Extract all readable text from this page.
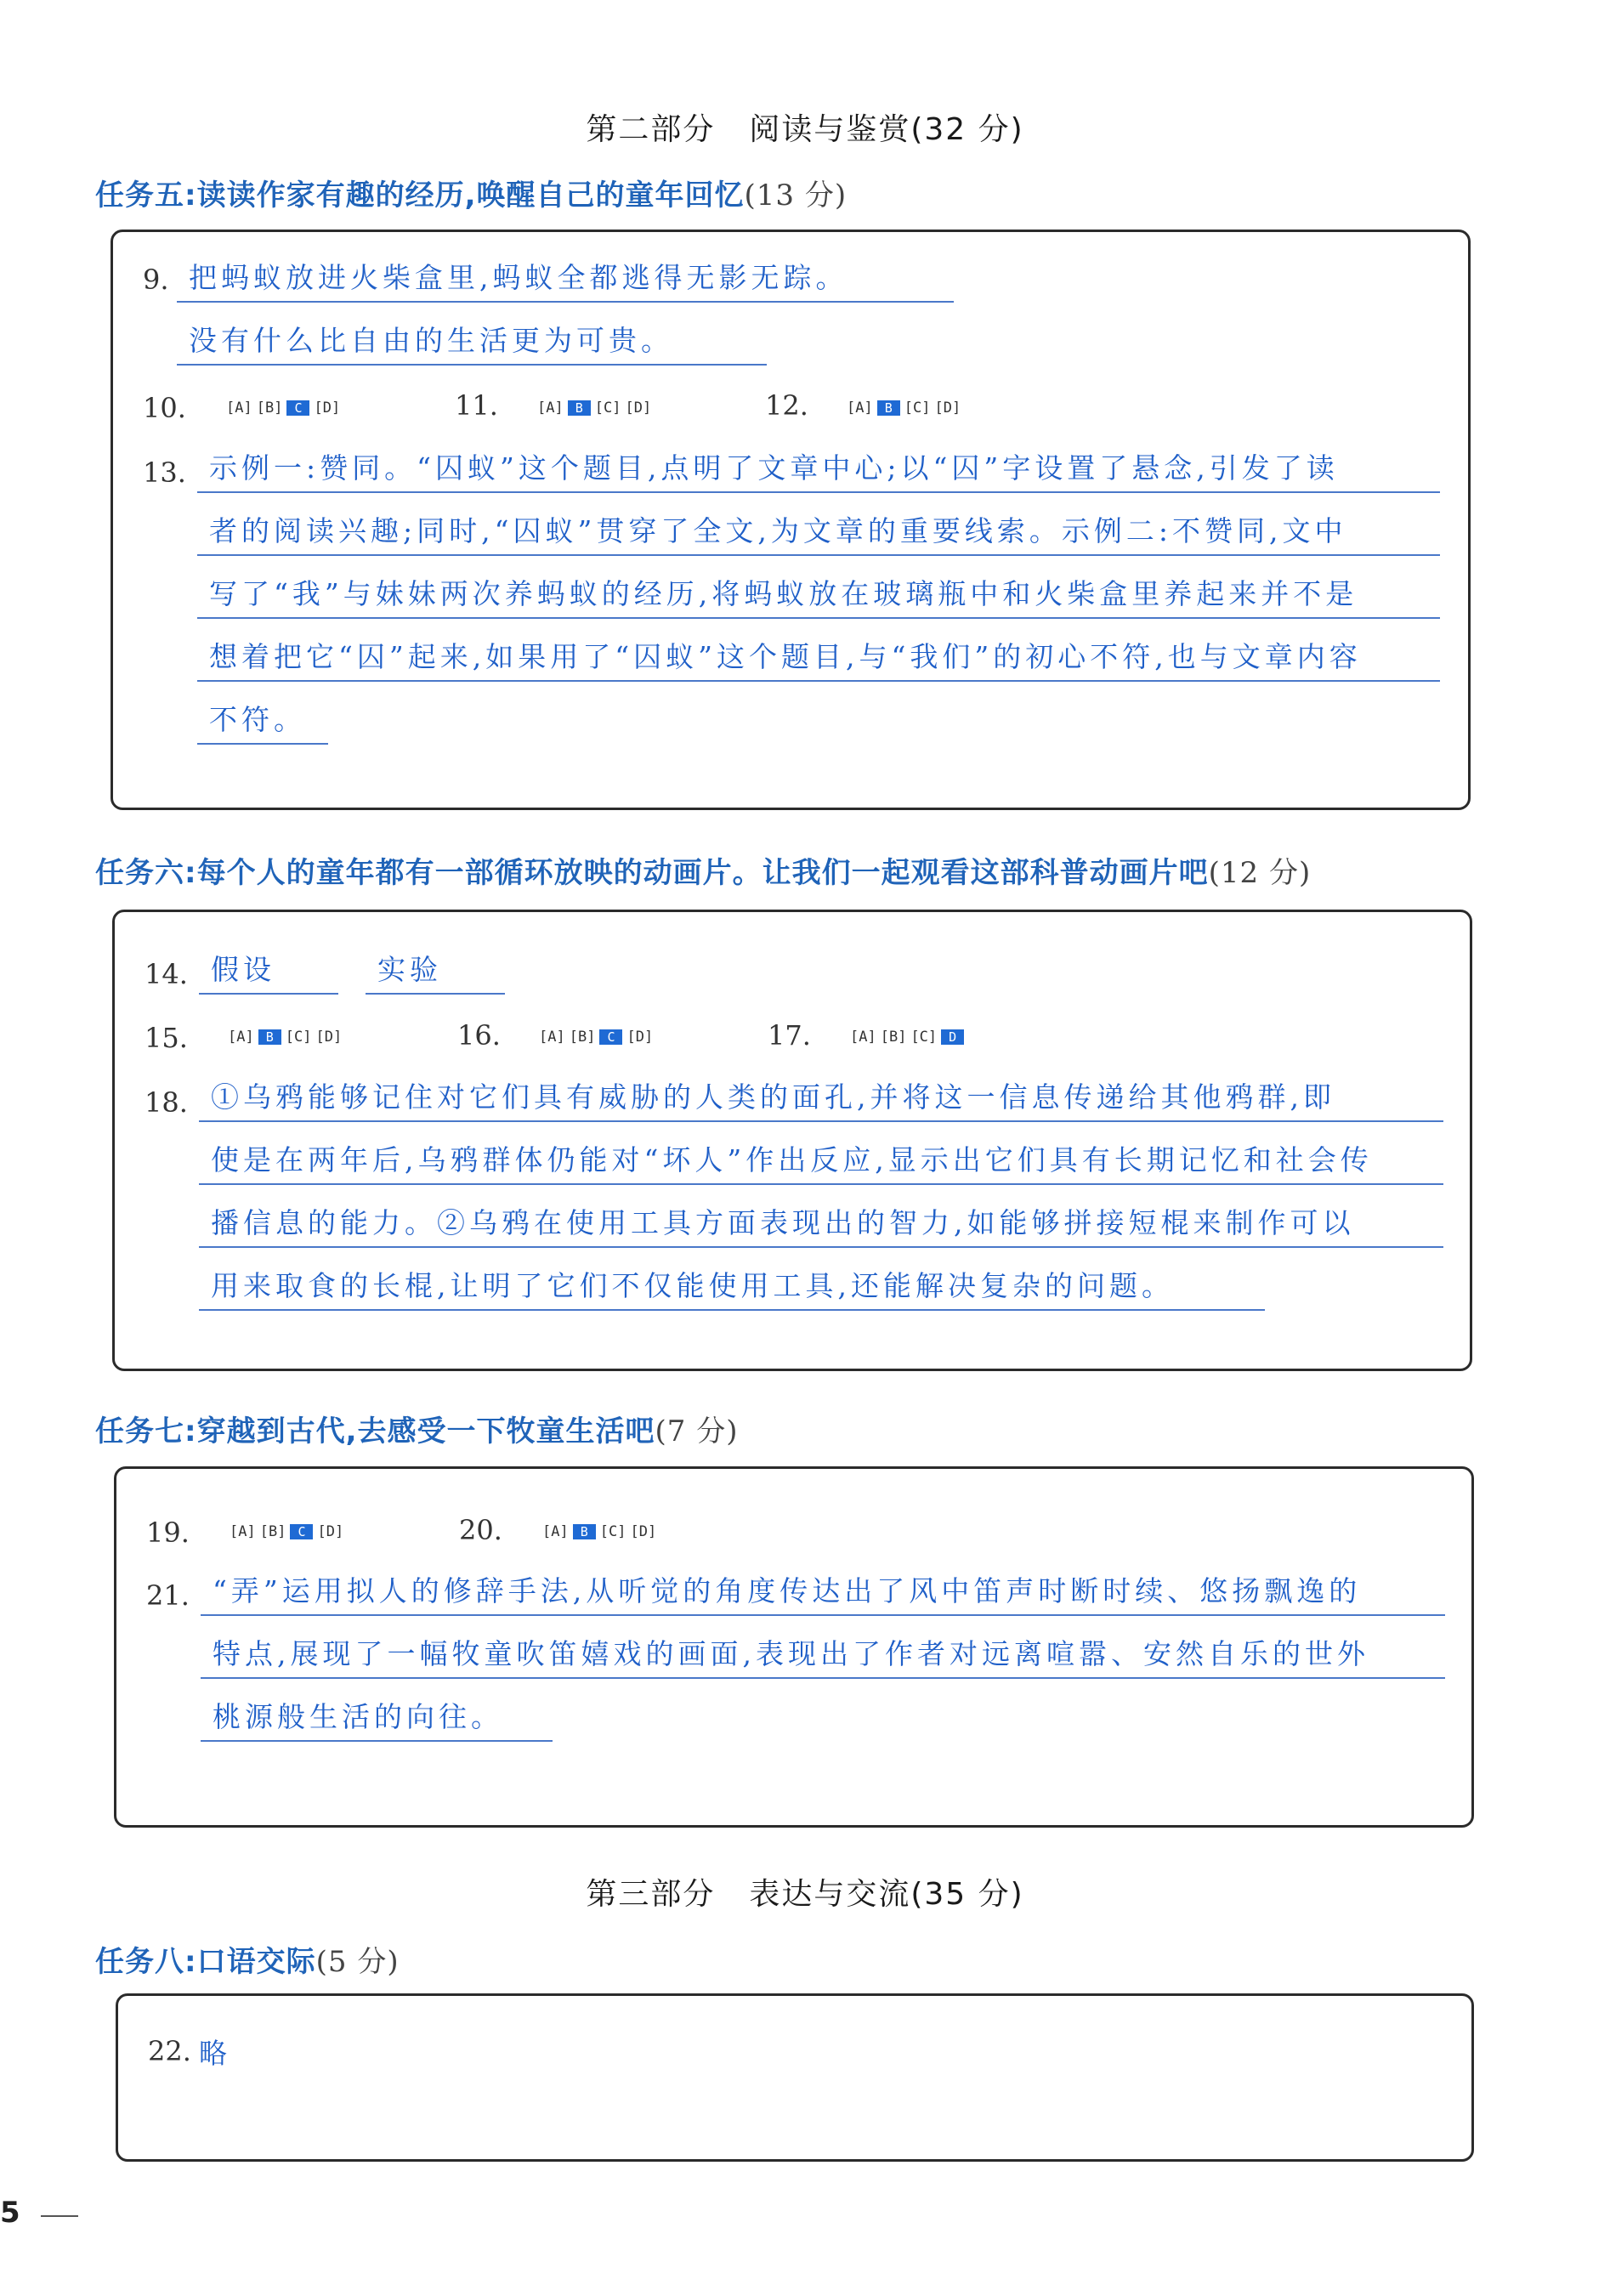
第二部分 阅读与鉴赏(32 分)
任务五:读读作家有趣的经历,唤醒自己的童年回忆(13 分)
9. 把蚂蚁放进火柴盒里,蚂蚁全都逃得无影无踪。
没有什么比自由的生活更为可贵。
10.	[A] [B] C [D]	11.	[A] B [C] [D]	12.	[A] B [C] [D]
13. 示例一:赞同。“囚蚁”这个题目,点明了文章中心;以“囚”字设置了悬念,引发了读
者的阅读兴趣;同时,“囚蚁”贯穿了全文,为文章的重要线索。示例二:不赞同,文中
写了“我”与妹妹两次养蚂蚁的经历,将蚂蚁放在玻璃瓶中和火柴盒里养起来并不是
想着把它“囚”起来,如果用了“囚蚁”这个题目,与“我们”的初心不符,也与文章内容
不符。
任务六:每个人的童年都有一部循环放映的动画片。让我们一起观看这部科普动画片吧(12 分)
14. 假设	实验
15.	[A] B [C] [D]	16.	[A] [B] C [D]	17.	[A] [B] [C] D
18. ①乌鸦能够记住对它们具有威胁的人类的面孔,并将这一信息传递给其他鸦群,即
使是在两年后,乌鸦群体仍能对“坏人”作出反应,显示出它们具有长期记忆和社会传
播信息的能力。②乌鸦在使用工具方面表现出的智力,如能够拼接短棍来制作可以
用来取食的长棍,让明了它们不仅能使用工具,还能解决复杂的问题。
任务七:穿越到古代,去感受一下牧童生活吧(7 分)
19.	[A] [B] C [D]	20.	[A] B [C] [D]
21. “弄”运用拟人的修辞手法,从听觉的角度传达出了风中笛声时断时续、悠扬飘逸的
特点,展现了一幅牧童吹笛嬉戏的画面,表现出了作者对远离喧嚣、安然自乐的世外
桃源般生活的向往。
第三部分 表达与交流(35 分)
任务八:口语交际(5 分)
22. 略
5
